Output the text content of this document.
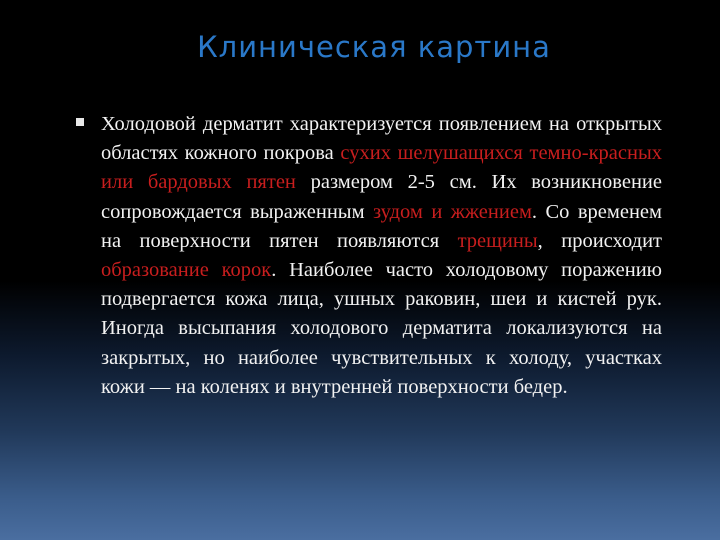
Клиническая картина

Холодовой дерматит характеризуется появлением на открытых областях кожного покрова сухих шелушащихся темно-красных или бардовых пятен размером 2-5 см. Их возникновение сопровождается выраженным зудом и жжением. Со временем на поверхности пятен появляются трещины, происходит образование корок. Наиболее часто холодовому поражению подвергается кожа лица, ушных раковин, шеи и кистей рук. Иногда высыпания холодового дерматита локализуются на закрытых, но наиболее чувствительных к холоду, участках кожи — на коленях и внутренней поверхности бедер.
